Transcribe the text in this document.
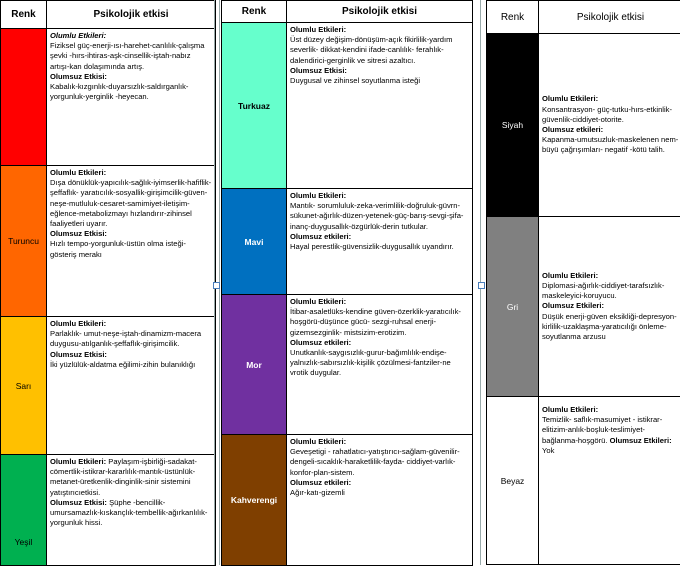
Renk	Psikolojik etkisi
Kırmızı	Olumlu Etkileri:
Fiziksel güç-enerji-ısı-harehet-canlılık-çalışma şevki -hırs-ihtiras-aşk-cinsellik-iştah-nabız artışı-kan dolaşımında artış.
Olumsuz Etkisi:
Kabalık-kızgınlık-duyarsızlık-saldırganlık-yorgunluk-yerginlik -heyecan.
Turuncu	Olumlu Etkileri:
Dışa dönüklük-yapıcılık-sağlık-iyimserlik-hafiflik-şeffaflık- yaratıcılık-sosyallik-girişimcilik-güven-neşe-mutluluk-cesaret-samimiyet-iletişim-eğlence-metabolizmayı hızlandırır-zihinsel faaliyetleri uyarır.
Olumsuz Etkisi:
Hızlı tempo-yorgunluk-üstün olma isteği-gösteriş merakı
Sarı	Olumlu Etkileri:
Parlaklık- umut-neşe-iştah-dinamizm-macera duygusu-atılganlık-şeffaflık-girişimcilik.
Olumsuz Etkisi:
İki yüzlülük-aldatma eğilimi-zihin bulanıklığı
Yeşil	Olumlu Etkileri: Paylaşım-işbirliği-sadakat-cömertlik-istikrar-kararlılık-mantık-üstünlük-metanet-üretkenlik-dinginlik-sinir sistemini yatıştırıcıetkisi.
Olumsuz Etkisi: Şüphe -bencillik-umursamazlık-kıskançlık-tembellik-ağırkanlılık-yorgunluk hissi.
Renk	Psikolojik etkisi
Turkuaz	Olumlu Etkileri:
Üst düzey değişim-dönüşüm-açık fikirlilik-yardım severlik- dikkat-kendini ifade-canlılık- ferahlık-dalendirici-gerginlik ve sitresi azaltıcı.
Olumsuz Etkisi:
Duygusal ve zihinsel soyutlanma isteği
Mavi	Olumlu Etkileri:
Mantık- sorumluluk-zeka-verimlilik-doğruluk-güvrn-sükunet-ağırlık-düzen-yetenek-güç-barış-sevgi-şifa-inanç-duygusallık-özgürlük-derin tutkular.
Olumsuz etkileri:
Hayal perestlik-güvensizlik-duygusallık uyandırır.
Mor	Olumlu Etkileri:
İtibar-asaletlüks-kendine güven-özerklik-yaratıcılık-hoşgörü-düşünce gücü- sezgi-ruhsal enerji- gizemsezginlik- mistsizim-erotizim.
Olumsuz etkileri:
Unutkanlık-saygısızlık-gurur-bağımlılık-endişe-yalnızlık-sabırsızlık-kişilik çözülmesi-fantziler-ne vrotik duygular.
Kahverengi	Olumlu Etkileri:
Geveşetigi - rahatlatıcı-yatıştırıcı-sağlam-güvenilir-dengeli-sıcaklık-haraketlilik-fayda- ciddiyet-varlık-konfor-plan-sistem.
Olumsuz etkileri:
Ağır-katı-gizemli
Renk	Psikolojik etkisi
Siyah	Olumlu Etkileri:
Konsantrasyon- güç-tutku-hırs-etkinlik-güvenlik-ciddiyet-otorite.
Olumsuz etkileri:
Kapanma-umutsuzluk-maskelenen nem-büyü çağrışımları- negatif -kötü talih.
Gri	Olumlu Etkileri:
Diplomasi-ağırlık-ciddiyet-tarafsızlık-maskeleyici-koruyucu.
Olumsuz Etkileri:
Düşük enerji-güven eksikliği-depresyon-kirlilik-uzaklaşma-yaratıcılığı önleme-soyutlanma arzusu
Beyaz	Olumlu Etkileri:
Temizlik- saflık-masumiyet - istikrar-elitizim-anlık-boşluk-teslimiyet-bağlanma-hoşgörü. Olumsuz Etkileri: Yok
